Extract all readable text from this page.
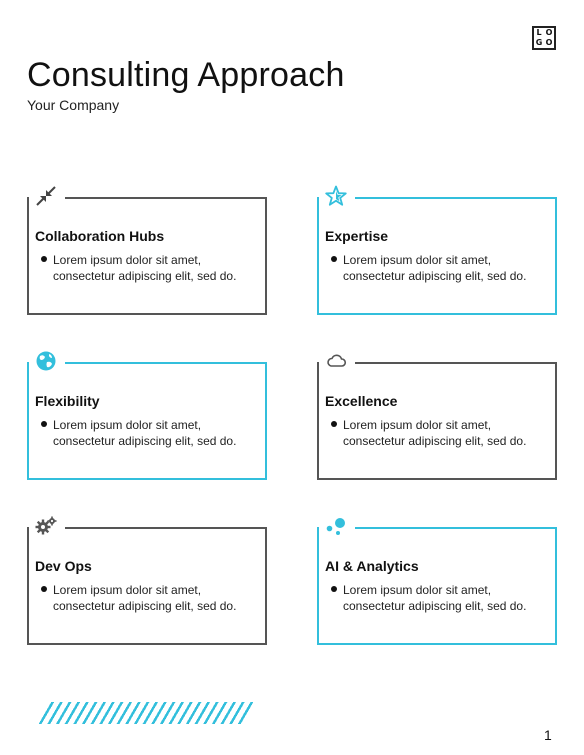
L O
G O
Consulting Approach
Your Company
Collaboration Hubs
Lorem ipsum dolor sit amet, consectetur adipiscing elit, sed do.
Expertise
Lorem ipsum dolor sit amet, consectetur adipiscing elit, sed do.
Flexibility
Lorem ipsum dolor sit amet, consectetur adipiscing elit, sed do.
Excellence
Lorem ipsum dolor sit amet, consectetur adipiscing elit, sed do.
Dev Ops
Lorem ipsum dolor sit amet, consectetur adipiscing elit, sed do.
AI & Analytics
Lorem ipsum dolor sit amet, consectetur adipiscing elit, sed do.
1
